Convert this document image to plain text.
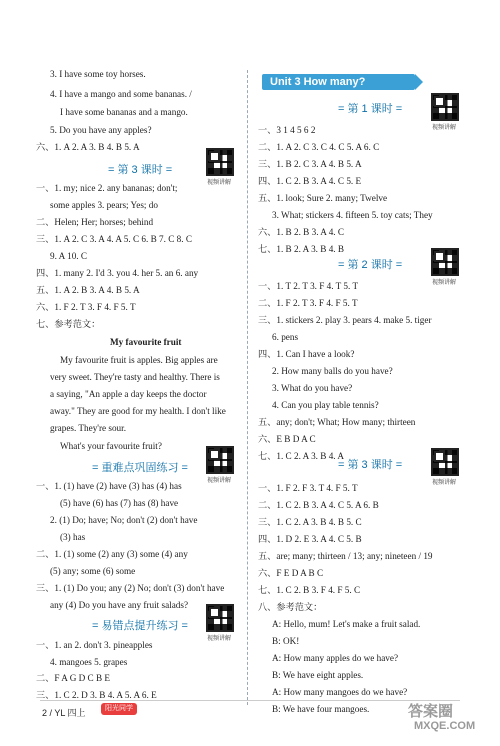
Unit 3 How many?
3. I have some toy horses.
4. I have a mango and some bananas. /
I have some bananas and a mango.
5. Do you have any apples?
六、1. A 2. A 3. B 4. B 5. A
一、1. my; nice 2. any bananas; don't;
some apples 3. pears; Yes; do
二、Helen; Her; horses; behind
三、1. A 2. C 3. A 4. A 5. C 6. B 7. C 8. C
9. A 10. C
四、1. many 2. I'd 3. you 4. her 5. an 6. any
五、1. A 2. B 3. A 4. B 5. A
六、1. F 2. T 3. F 4. F 5. T
七、参考范文：
My favourite fruit
My favourite fruit is apples. Big apples are
very sweet. They're tasty and healthy. There is
a saying, "An apple a day keeps the doctor
away." They are good for my health. I don't like
grapes. They're sour.
What's your favourite fruit?
一、1. (1) have (2) have (3) has (4) has
(5) have (6) has (7) has (8) have
2. (1) Do; have; No; don't (2) don't have
(3) has
二、1. (1) some (2) any (3) some (4) any
(5) any; some (6) some
三、1. (1) Do you; any (2) No; don't (3) don't have
any (4) Do you have any fruit salads?
一、1. an 2. don't 3. pineapples
4. mangoes 5. grapes
二、F A G D C B E
三、1. C 2. D 3. B 4. A 5. A 6. E
= 第 3 课时 =
= 重难点巩固练习 =
= 易错点提升练习 =
视频讲解
视频讲解
视频讲解
一、3 1 4 5 6 2
二、1. A 2. C 3. C 4. C 5. A 6. C
三、1. B 2. C 3. A 4. B 5. A
四、1. C 2. B 3. A 4. C 5. E
五、1. look; Sure 2. many; Twelve
3. What; stickers 4. fifteen 5. toy cats; They
六、1. B 2. B 3. A 4. C
七、1. B 2. A 3. B 4. B
一、1. T 2. T 3. F 4. T 5. T
二、1. F 2. T 3. F 4. F 5. T
三、1. stickers 2. play 3. pears 4. make 5. tiger
6. pens
四、1. Can I have a look?
2. How many balls do you have?
3. What do you have?
4. Can you play table tennis?
五、any; don't; What; How many; thirteen
六、E B D A C
七、1. C 2. A 3. B 4. A
一、1. F 2. F 3. T 4. F 5. T
二、1. C 2. B 3. A 4. C 5. A 6. B
三、1. C 2. A 3. B 4. B 5. C
四、1. D 2. E 3. A 4. C 5. B
五、are; many; thirteen / 13; any; nineteen / 19
六、F E D A B C
七、1. C 2. B 3. F 4. F 5. C
八、参考范文：
A: Hello, mum! Let's make a fruit salad.
B: OK!
A: How many apples do we have?
B: We have eight apples.
A: How many mangoes do we have?
B: We have four mangoes.
= 第 1 课时 =
= 第 2 课时 =
= 第 3 课时 =
视频讲解
视频讲解
视频讲解
2 / YL 四上	阳光同学	答案圈
MXQE.COM
